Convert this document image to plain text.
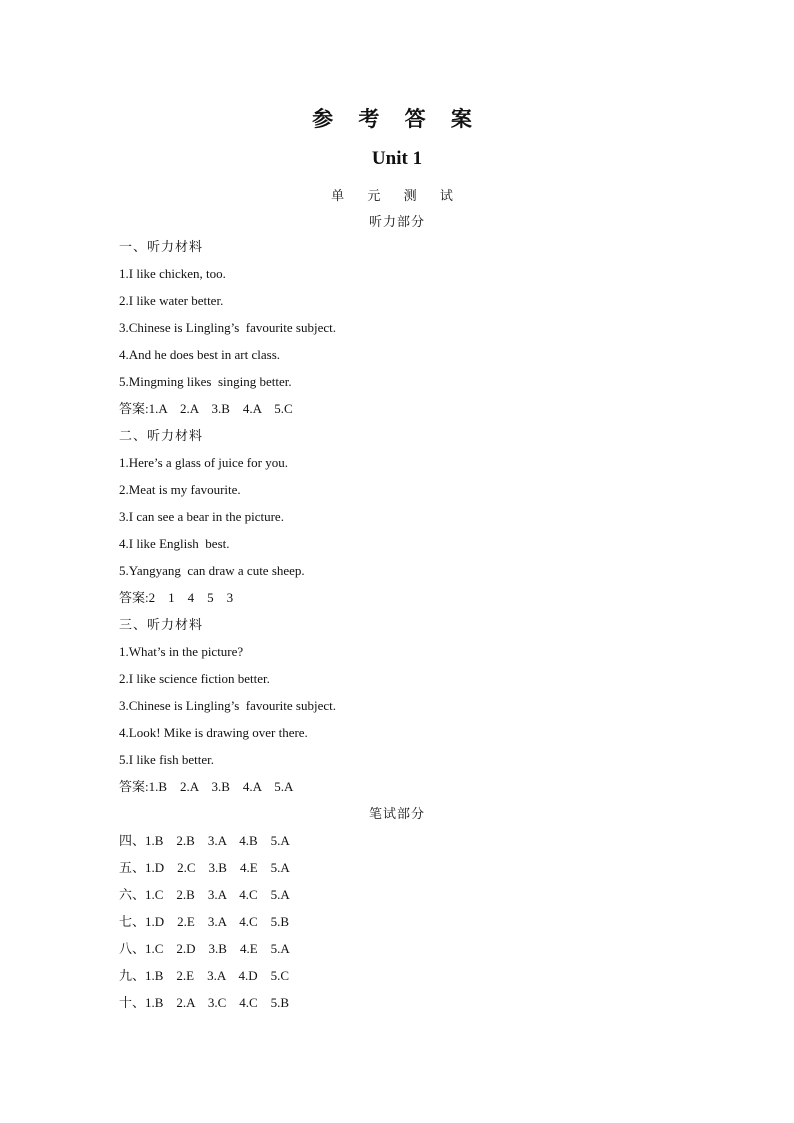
参 考 答 案
Unit 1
单 元 测 试
听力部分
一、听力材料
1.I like chicken, too.
2.I like water better.
3.Chinese is Lingling’s  favourite subject.
4.And he does best in art class.
5.Mingming likes  singing better.
答案:1.A    2.A    3.B    4.A    5.C
二、听力材料
1.Here’s a glass of juice for you.
2.Meat is my favourite.
3.I can see a bear in the picture.
4.I like English  best.
5.Yangyang  can draw a cute sheep.
答案:2    1    4    5    3
三、听力材料
1.What’s in the picture?
2.I like science fiction better.
3.Chinese is Lingling’s  favourite subject.
4.Look! Mike is drawing over there.
5.I like fish better.
答案:1.B    2.A    3.B    4.A    5.A
笔试部分
四、1.B    2.B    3.A    4.B    5.A
五、1.D    2.C    3.B    4.E    5.A
六、1.C    2.B    3.A    4.C    5.A
七、1.D    2.E    3.A    4.C    5.B
八、1.C    2.D    3.B    4.E    5.A
九、1.B    2.E    3.A    4.D    5.C
十、1.B    2.A    3.C    4.C    5.B
